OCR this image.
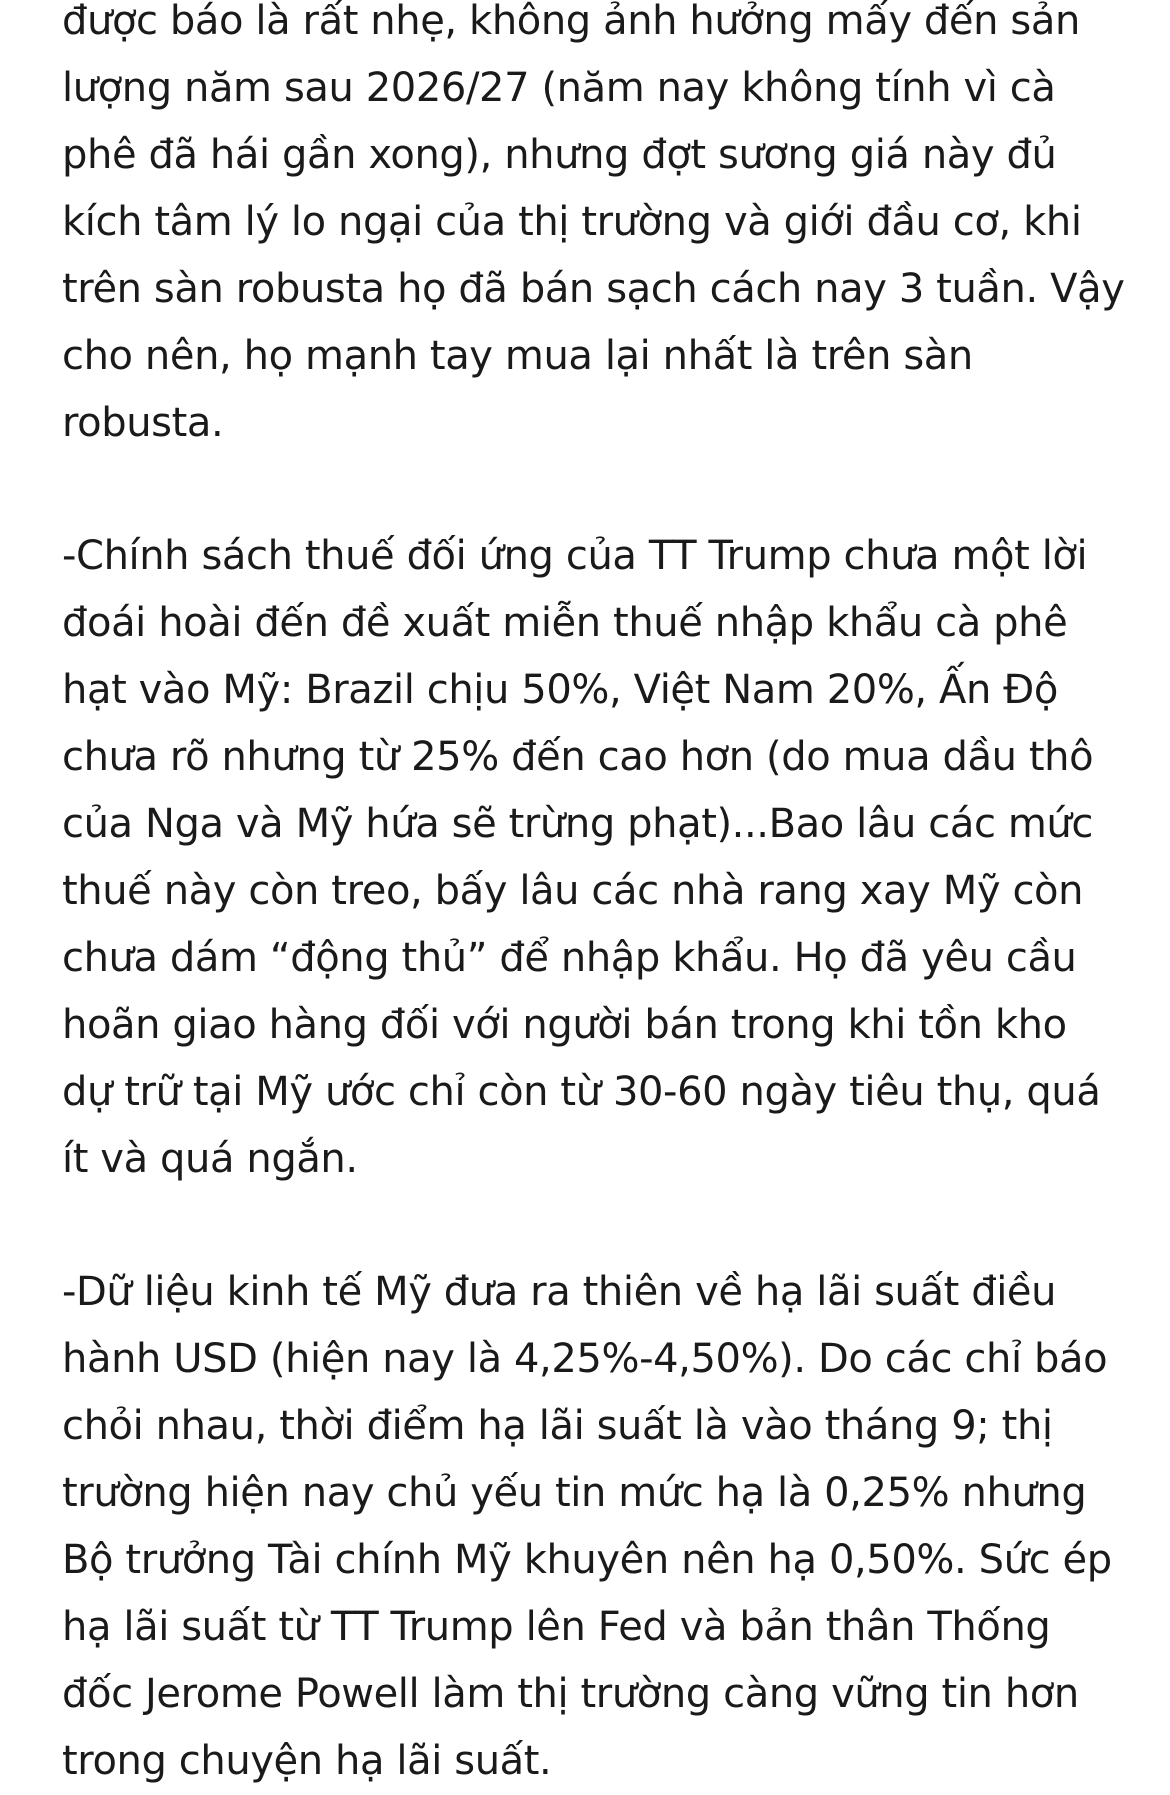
được báo là rất nhẹ, không ảnh hưởng mấy đến sản
lượng năm sau 2026/27 (năm nay không tính vì cà
phê đã hái gần xong), nhưng đợt sương giá này đủ
kích tâm lý lo ngại của thị trường và giới đầu cơ, khi
trên sàn robusta họ đã bán sạch cách nay 3 tuần. Vậy
cho nên, họ mạnh tay mua lại nhất là trên sàn
robusta.
-Chính sách thuế đối ứng của TT Trump chưa một lời
đoái hoài đến đề xuất miễn thuế nhập khẩu cà phê
hạt vào Mỹ: Brazil chịu 50%, Việt Nam 20%, Ấn Độ
chưa rõ nhưng từ 25% đến cao hơn (do mua dầu thô
của Nga và Mỹ hứa sẽ trừng phạt)...Bao lâu các mức
thuế này còn treo, bấy lâu các nhà rang xay Mỹ còn
chưa dám “động thủ” để nhập khẩu. Họ đã yêu cầu
hoãn giao hàng đối với người bán trong khi tồn kho
dự trữ tại Mỹ ước chỉ còn từ 30-60 ngày tiêu thụ, quá
ít và quá ngắn.
-Dữ liệu kinh tế Mỹ đưa ra thiên về hạ lãi suất điều
hành USD (hiện nay là 4,25%-4,50%). Do các chỉ báo
chỏi nhau, thời điểm hạ lãi suất là vào tháng 9; thị
trường hiện nay chủ yếu tin mức hạ là 0,25% nhưng
Bộ trưởng Tài chính Mỹ khuyên nên hạ 0,50%. Sức ép
hạ lãi suất từ TT Trump lên Fed và bản thân Thống
đốc Jerome Powell làm thị trường càng vững tin hơn
trong chuyện hạ lãi suất.
